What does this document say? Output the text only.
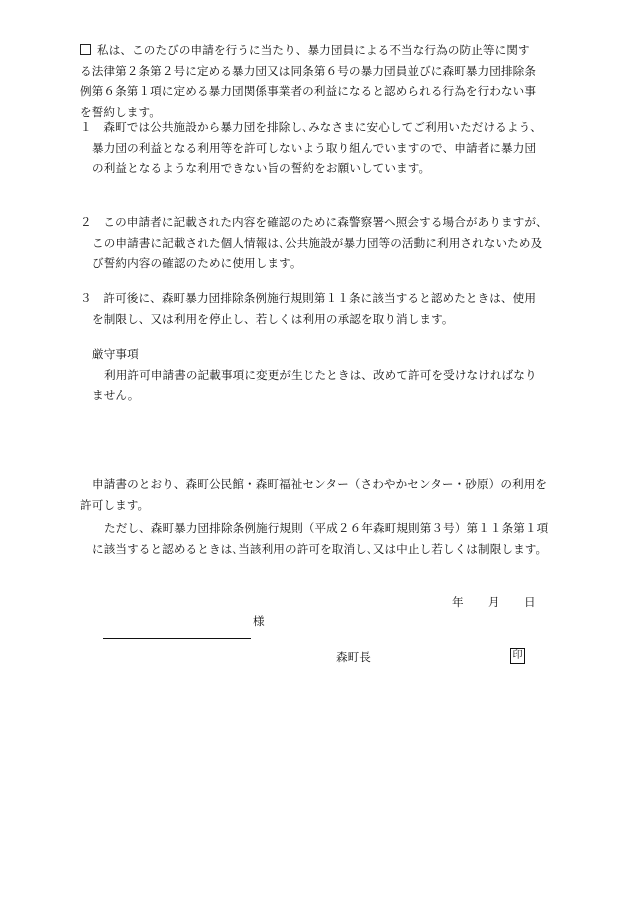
私は、このたびの申請を行うに当たり、暴力団員による不当な行為の防止等に関す
る法律第２条第２号に定める暴力団又は同条第６号の暴力団員並びに森町暴力団排除条
例第６条第１項に定める暴力団関係事業者の利益になると認められる行為を行わない事
を誓約します。
１　森町では公共施設から暴力団を排除し､みなさまに安心してご利用いただけるよう、
暴力団の利益となる利用等を許可しないよう取り組んでいますので、申請者に暴力団
の利益となるような利用できない旨の誓約をお願いしています。
２　この申請者に記載された内容を確認のために森警察署へ照会する場合がありますが、
この申請書に記載された個人情報は､公共施設が暴力団等の活動に利用されないため及
び誓約内容の確認のために使用します。
３　許可後に、森町暴力団排除条例施行規則第１１条に該当すると認めたときは、使用
を制限し、又は利用を停止し、若しくは利用の承認を取り消します。
厳守事項
利用許可申請書の記載事項に変更が生じたときは、改めて許可を受けなければなり
ません。
申請書のとおり、森町公民館・森町福祉センター（さわやかセンター・砂原）の利用を
許可します。
ただし、森町暴力団排除条例施行規則（平成２６年森町規則第３号）第１１条第１項
に該当すると認めるときは､当該利用の許可を取消し､又は中止し若しくは制限します。
年 月 日
様
森町長	印
